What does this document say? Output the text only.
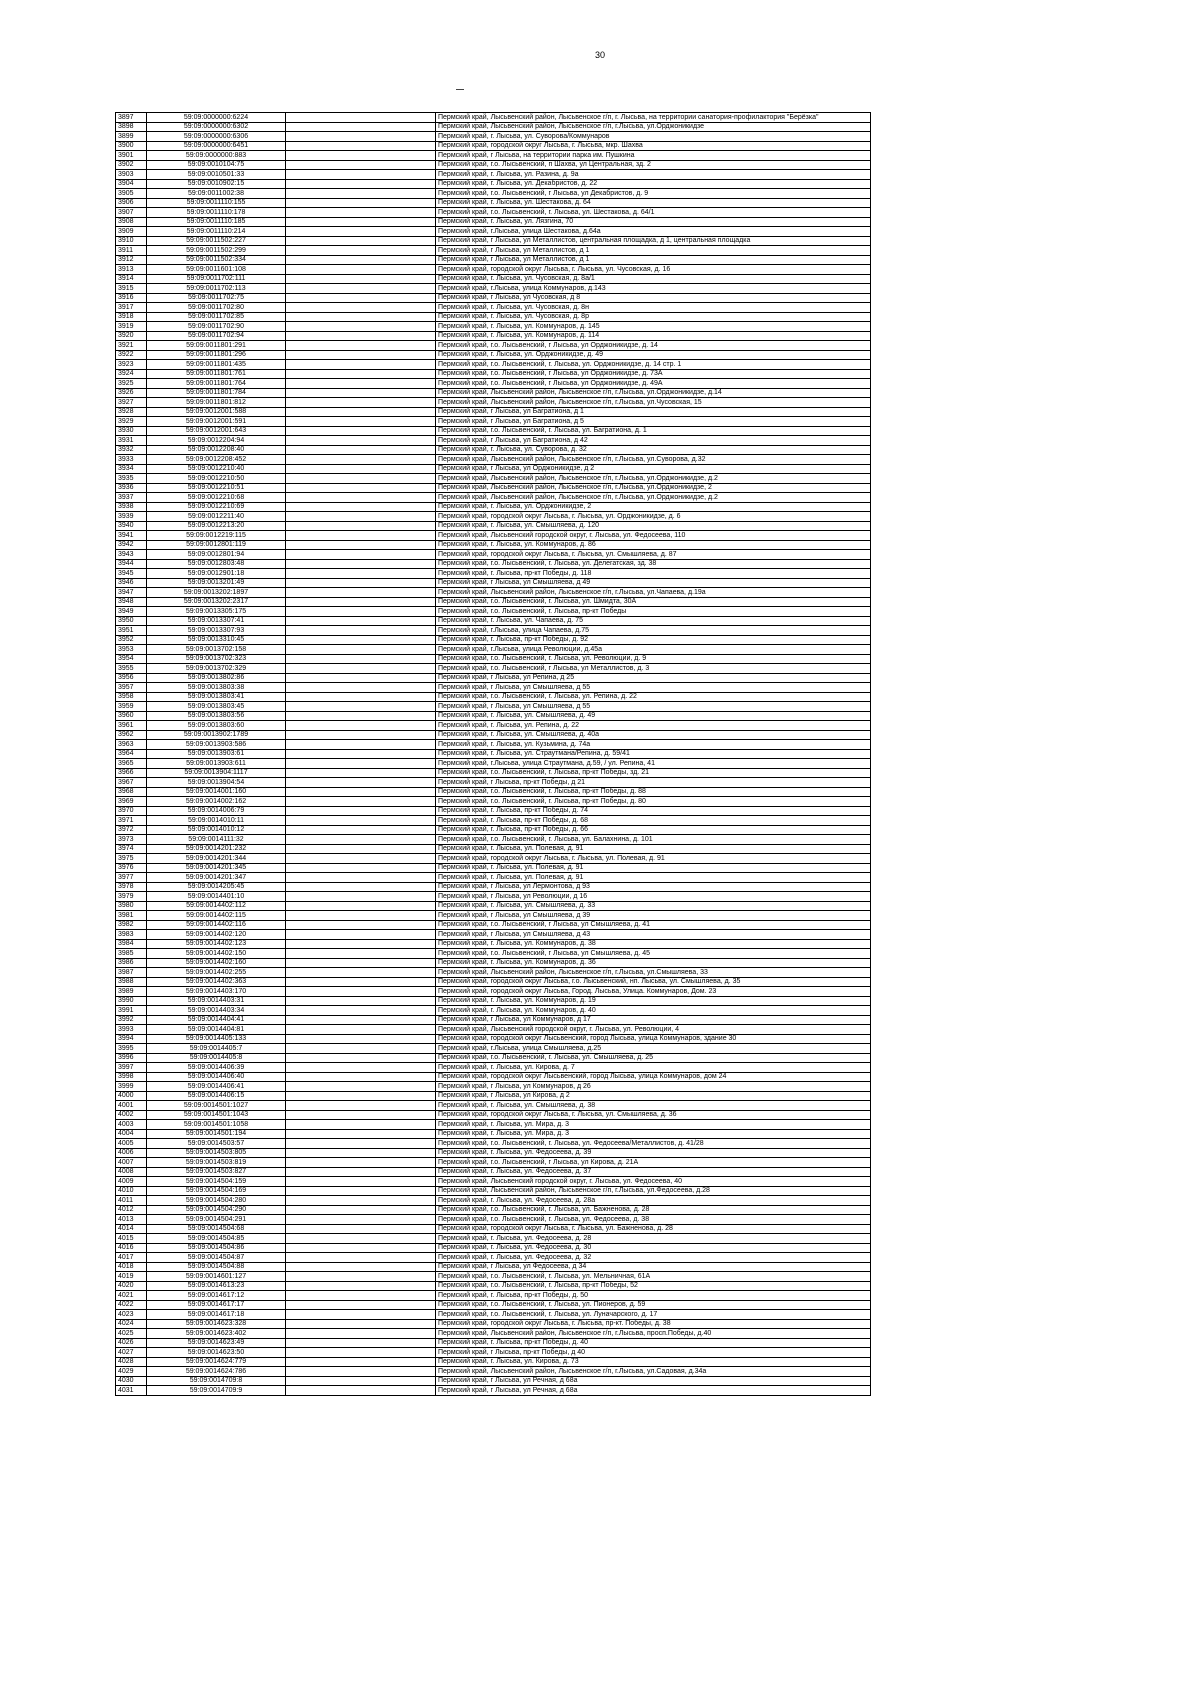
30
3897	59:09:0000000:6224		Пермский край, Лысьвенский район, Лысьвенское г/п, г. Лысьва, на территории санатория-профилактория "Берёзка"
3898	59:09:0000000:6302		Пермский край, Лысьвенский район, Лысьвенское г/п, г.Лысьва, ул.Орджоникидзе
3899	59:09:0000000:6306		Пермский край, г. Лысьва, ул. Суворова/Коммунаров
3900	59:09:0000000:6451		Пермский край, городской округ Лысьва, г. Лысьва, мкр. Шахва
3901	59:09:0000000:883		Пермский край, г Лысьва, на территории парка им. Пушкина
3902	59:09:0010104:75		Пермский край, г.о. Лысьвенский, п Шахва, ул Центральная, зд. 2
3903	59:09:0010501:33		Пермский край, г. Лысьва, ул. Разина, д. 9а
3904	59:09:0010902:15		Пермский край, г. Лысьва, ул. Декабристов, д. 22
3905	59:09:0011002:38		Пермский край, г.о. Лысьвенский, г Лысьва, ул Декабристов, д. 9
3906	59:09:0011110:155		Пермский край, г. Лысьва, ул. Шестакова, д. 64
3907	59:09:0011110:178		Пермский край, г.о. Лысьвенский, г. Лысьва, ул. Шестакова, д. 64/1
3908	59:09:0011110:185		Пермский край, г. Лысьва, ул. Лязгина, 70
3909	59:09:0011110:214		Пермский край, г.Лысьва, улица Шестакова, д.64а
3910	59:09:0011502:227		Пермский край, г Лысьва, ул Металлистов, центральная площадка, д 1, центральная площадка
3911	59:09:0011502:299		Пермский край, г Лысьва, ул Металлистов, д 1
3912	59:09:0011502:334		Пермский край, г Лысьва, ул Металлистов, д 1
3913	59:09:0011601:108		Пермский край, городской округ Лысьва, г. Лысьва, ул. Чусовская, д. 16
3914	59:09:0011702:111		Пермский край, г. Лысьва, ул. Чусовская, д. 8а/1
3915	59:09:0011702:113		Пермский край, г.Лысьва, улица Коммунаров, д.143
3916	59:09:0011702:75		Пермский край, г Лысьва, ул Чусовская, д 8
3917	59:09:0011702:80		Пермский край, г. Лысьва, ул. Чусовская, д. 8н
3918	59:09:0011702:85		Пермский край, г. Лысьва, ул. Чусовская, д. 8р
3919	59:09:0011702:90		Пермский край, г. Лысьва, ул. Коммунаров, д. 145
3920	59:09:0011702:94		Пермский край, г. Лысьва, ул. Коммунаров, д. 114
3921	59:09:0011801:291		Пермский край, г.о. Лысьвенский, г Лысьва, ул Орджоникидзе, д. 14
3922	59:09:0011801:296		Пермский край, г. Лысьва, ул. Орджоникидзе, д. 49
3923	59:09:0011801:435		Пермский край, г.о. Лысьвенский, г. Лысьва, ул. Орджоникидзе, д. 14 стр. 1
3924	59:09:0011801:761		Пермский край, г.о. Лысьвенский, г Лысьва, ул Орджоникидзе, д. 73А
3925	59:09:0011801:764		Пермский край, г.о. Лысьвенский, г Лысьва, ул Орджоникидзе, д. 49А
3926	59:09:0011801:784		Пермский край, Лысьвенский район, Лысьвенское г/п, г.Лысьва, ул.Орджоникидзе, д.14
3927	59:09:0011801:812		Пермский край, Лысьвенский район, Лысьвенское г/п, г.Лысьва, ул.Чусовская, 15
3928	59:09:0012001:588		Пермский край, г Лысьва, ул Багратиона, д 1
3929	59:09:0012001:591		Пермский край, г Лысьва, ул Багратиона, д 5
3930	59:09:0012001:643		Пермский край, г.о. Лысьвенский, г. Лысьва, ул. Багратиона, д. 1
3931	59:09:0012204:94		Пермский край, г Лысьва, ул Багратиона, д 42
3932	59:09:0012208:40		Пермский край, г. Лысьва, ул. Суворова, д. 32
3933	59:09:0012208:452		Пермский край, Лысьвенский район, Лысьвенское г/п, г.Лысьва, ул.Суворова, д.32
3934	59:09:0012210:40		Пермский край, г Лысьва, ул Орджоникидзе, д 2
3935	59:09:0012210:50		Пермский край, Лысьвенский район, Лысьвенское г/п, г.Лысьва, ул.Орджоникидзе, д.2
3936	59:09:0012210:51		Пермский край, Лысьвенский район, Лысьвенское г/п, г.Лысьва, ул.Орджоникидзе, 2
3937	59:09:0012210:68		Пермский край, Лысьвенский район, Лысьвенское г/п, г.Лысьва, ул.Орджоникидзе, д.2
3938	59:09:0012210:69		Пермский край, г. Лысьва, ул. Орджоникидзе, 2
3939	59:09:0012211:40		Пермский край, городской округ Лысьва, г. Лысьва, ул. Орджоникидзе, д. 6
3940	59:09:0012213:20		Пермский край, г. Лысьва, ул. Смышляева, д. 120
3941	59:09:0012219:115		Пермский край, Лысьвенский городской округ, г. Лысьва, ул. Федосеева, 110
3942	59:09:0012801:119		Пермский край, г. Лысьва, ул. Коммунаров, д. 86
3943	59:09:0012801:94		Пермский край, городской округ Лысьва, г. Лысьва, ул. Смышляева, д. 87
3944	59:09:0012803:48		Пермский край, г.о. Лысьвенский, г. Лысьва, ул. Делегатская, зд. 38
3945	59:09:0012901:18		Пермский край, г. Лысьва, пр-кт Победы, д. 118
3946	59:09:0013201:49		Пермский край, г Лысьва, ул Смышляева, д 49
3947	59:09:0013202:1897		Пермский край, Лысьвенский район, Лысьвенское г/п, г.Лысьва, ул.Чапаева, д.19а
3948	59:09:0013202:2317		Пермский край, г.о. Лысьвенский, г. Лысьва, ул. Шмидта, 30А
3949	59:09:0013305:175		Пермский край, г.о. Лысьвенский, г. Лысьва, пр-кт Победы
3950	59:09:0013307:41		Пермский край, г. Лысьва, ул. Чапаева, д. 75
3951	59:09:0013307:93		Пермский край, г.Лысьва, улица Чапаева, д.75
3952	59:09:0013310:45		Пермский край, г. Лысьва, пр-кт Победы, д. 92
3953	59:09:0013702:158		Пермский край, г.Лысьва, улица Революции, д.45а
3954	59:09:0013702:323		Пермский край, г.о. Лысьвенский, г. Лысьва, ул. Революции, д. 9
3955	59:09:0013702:329		Пермский край, г.о. Лысьвенский, г Лысьва, ул Металлистов, д. 3
3956	59:09:0013802:86		Пермский край, г Лысьва, ул Репина, д 25
3957	59:09:0013803:38		Пермский край, г Лысьва, ул Смышляева, д 55
3958	59:09:0013803:41		Пермский край, г.о. Лысьвенский, г. Лысьва, ул. Репина, д. 22
3959	59:09:0013803:45		Пермский край, г Лысьва, ул Смышляева, д 55
3960	59:09:0013803:56		Пермский край, г. Лысьва, ул. Смышляева, д. 49
3961	59:09:0013803:60		Пермский край, г. Лысьва, ул. Репина, д. 22
3962	59:09:0013902:1789		Пермский край, г. Лысьва, ул. Смышляева, д. 40а
3963	59:09:0013903:586		Пермский край, г. Лысьва, ул. Кузьмина, д. 74а
3964	59:09:0013903:61		Пермский край, г. Лысьва, ул. Страутмана/Репина, д. 59/41
3965	59:09:0013903:611		Пермский край, г.Лысьва, улица Страутмана, д.59, / ул. Репина, 41
3966	59:09:0013904:1117		Пермский край, г.о. Лысьвенский, г. Лысьва, пр-кт Победы, зд. 21
3967	59:09:0013904:54		Пермский край, г Лысьва, пр-кт Победы, д 21
3968	59:09:0014001:160		Пермский край, г.о. Лысьвенский, г. Лысьва, пр-кт Победы, д. 88
3969	59:09:0014002:162		Пермский край, г.о. Лысьвенский, г. Лысьва, пр-кт Победы, д. 80
3970	59:09:0014006:79		Пермский край, г. Лысьва, пр-кт Победы, д. 74
3971	59:09:0014010:11		Пермский край, г. Лысьва, пр-кт Победы, д. 68
3972	59:09:0014010:12		Пермский край, г. Лысьва, пр-кт Победы, д. 66
3973	59:09:0014111:32		Пермский край, г.о. Лысьвенский, г. Лысьва, ул. Балахнина, д. 101
3974	59:09:0014201:232		Пермский край, г. Лысьва, ул. Полевая, д. 91
3975	59:09:0014201:344		Пермский край, городской округ Лысьва, г. Лысьва, ул. Полевая, д. 91
3976	59:09:0014201:345		Пермский край, г. Лысьва, ул. Полевая, д. 91
3977	59:09:0014201:347		Пермский край, г. Лысьва, ул. Полевая, д. 91
3978	59:09:0014205:45		Пермский край, г Лысьва, ул Лермонтова, д 93
3979	59:09:0014401:10		Пермский край, г Лысьва, ул Революции, д 16
3980	59:09:0014402:112		Пермский край, г. Лысьва, ул. Смышляева, д. 33
3981	59:09:0014402:115		Пермский край, г Лысьва, ул Смышляева, д 39
3982	59:09:0014402:116		Пермский край, г.о. Лысьвенский, г Лысьва, ул Смышляева, д. 41
3983	59:09:0014402:120		Пермский край, г Лысьва, ул Смышляева, д 43
3984	59:09:0014402:123		Пермский край, г. Лысьва, ул. Коммунаров, д. 38
3985	59:09:0014402:150		Пермский край, г.о. Лысьвенский, г Лысьва, ул Смышляева, д. 45
3986	59:09:0014402:160		Пермский край, г. Лысьва, ул. Коммунаров, д. 36
3987	59:09:0014402:255		Пермский край, Лысьвенский район, Лысьвенское г/п, г.Лысьва, ул.Смышляева, 33
3988	59:09:0014402:363		Пермский край, городской округ Лысьва, г.о. Лысьвенский, нп. Лысьва, ул. Смышляева, д. 35
3989	59:09:0014403:170		Пермский край, городской округ Лысьва, Город. Лысьва, Улица. Коммунаров, Дом. 23
3990	59:09:0014403:31		Пермский край, г. Лысьва, ул. Коммунаров, д. 19
3991	59:09:0014403:34		Пермский край, г. Лысьва, ул. Коммунаров, д. 40
3992	59:09:0014404:41		Пермский край, г Лысьва, ул Коммунаров, д 17
3993	59:09:0014404:81		Пермский край, Лысьвенский городской округ, г. Лысьва, ул. Революции, 4
3994	59:09:0014405:133		Пермский край, городской округ Лысьвенский, город Лысьва, улица Коммунаров, здание 30
3995	59:09:0014405:7		Пермский край, г.Лысьва, улица Смышляева, д.25
3996	59:09:0014405:8		Пермский край, г.о. Лысьвенский, г. Лысьва, ул. Смышляева, д. 25
3997	59:09:0014406:39		Пермский край, г. Лысьва, ул. Кирова, д. 7
3998	59:09:0014406:40		Пермский край, городской округ Лысьвенский, город Лысьва, улица Коммунаров, дом 24
3999	59:09:0014406:41		Пермский край, г Лысьва, ул Коммунаров, д 26
4000	59:09:0014406:15		Пермский край, г Лысьва, ул Кирова, д 2
4001	59:09:0014501:1027		Пермский край, г. Лысьва, ул. Смышляева, д. 38
4002	59:09:0014501:1043		Пермский край, городской округ Лысьва, г. Лысьва, ул. Смышляева, д. 36
4003	59:09:0014501:1058		Пермский край, г. Лысьва, ул. Мира, д. 3
4004	59:09:0014501:194		Пермский край, г. Лысьва, ул. Мира, д. 3
4005	59:09:0014503:57		Пермский край, г.о. Лысьвенский, г. Лысьва, ул. Федосеева/Металлистов, д. 41/28
4006	59:09:0014503:805		Пермский край, г. Лысьва, ул. Федосеева, д. 39
4007	59:09:0014503:819		Пермский край, г.о. Лысьвенский, г Лысьва, ул Кирова, д. 21А
4008	59:09:0014503:827		Пермский край, г. Лысьва, ул. Федосеева, д. 37
4009	59:09:0014504:159		Пермский край, Лысьвенский городской округ, г. Лысьва, ул. Федосеева, 40
4010	59:09:0014504:169		Пермский край, Лысьвенский район, Лысьвенское г/п, г.Лысьва, ул.Федосеева, д.28
4011	59:09:0014504:280		Пермский край, г. Лысьва, ул. Федосеева, д. 28а
4012	59:09:0014504:290		Пермский край, г.о. Лысьвенский, г. Лысьва, ул. Бажненова, д. 28
4013	59:09:0014504:291		Пермский край, г.о. Лысьвенский, г. Лысьва, ул. Федосеева, д. 38
4014	59:09:0014504:68		Пермский край, городской округ Лысьва, г. Лысьва, ул. Бажненова, д. 28
4015	59:09:0014504:85		Пермский край, г. Лысьва, ул. Федосеева, д. 28
4016	59:09:0014504:86		Пермский край, г. Лысьва, ул. Федосеева, д. 30
4017	59:09:0014504:87		Пермский край, г. Лысьва, ул. Федосеева, д. 32
4018	59:09:0014504:88		Пермский край, г Лысьва, ул Федосеева, д 34
4019	59:09:0014601:127		Пермский край, г.о. Лысьвенский, г. Лысьва, ул. Мельничная, 61А
4020	59:09:0014613:23		Пермский край, г.о. Лысьвенский, г. Лысьва, пр-кт Победы, 52
4021	59:09:0014617:12		Пермский край, г. Лысьва, пр-кт Победы, д. 50
4022	59:09:0014617:17		Пермский край, г.о. Лысьвенский, г. Лысьва, ул. Пионеров, д. 59
4023	59:09:0014617:18		Пермский край, г.о. Лысьвенский, г. Лысьва, ул. Луначарского, д. 17
4024	59:09:0014623:328		Пермский край, городской округ Лысьва, г. Лысьва, пр-кт. Победы, д. 38
4025	59:09:0014623:402		Пермский край, Лысьвенский район, Лысьвенское г/п, г.Лысьва, просп.Победы, д.40
4026	59:09:0014623:49		Пермский край, г. Лысьва, пр-кт Победы, д. 40
4027	59:09:0014623:50		Пермский край, г Лысьва, пр-кт Победы, д 40
4028	59:09:0014624:779		Пермский край, г. Лысьва, ул. Кирова, д. 73
4029	59:09:0014624:786		Пермский край, Лысьвенский район, Лысьвенское г/п, г.Лысьва, ул.Садовая, д.34а
4030	59:09:0014709:8		Пермский край, г Лысьва, ул Речная, д 68а
4031	59:09:0014709:9		Пермский край, г Лысьва, ул Речная, д 68а
